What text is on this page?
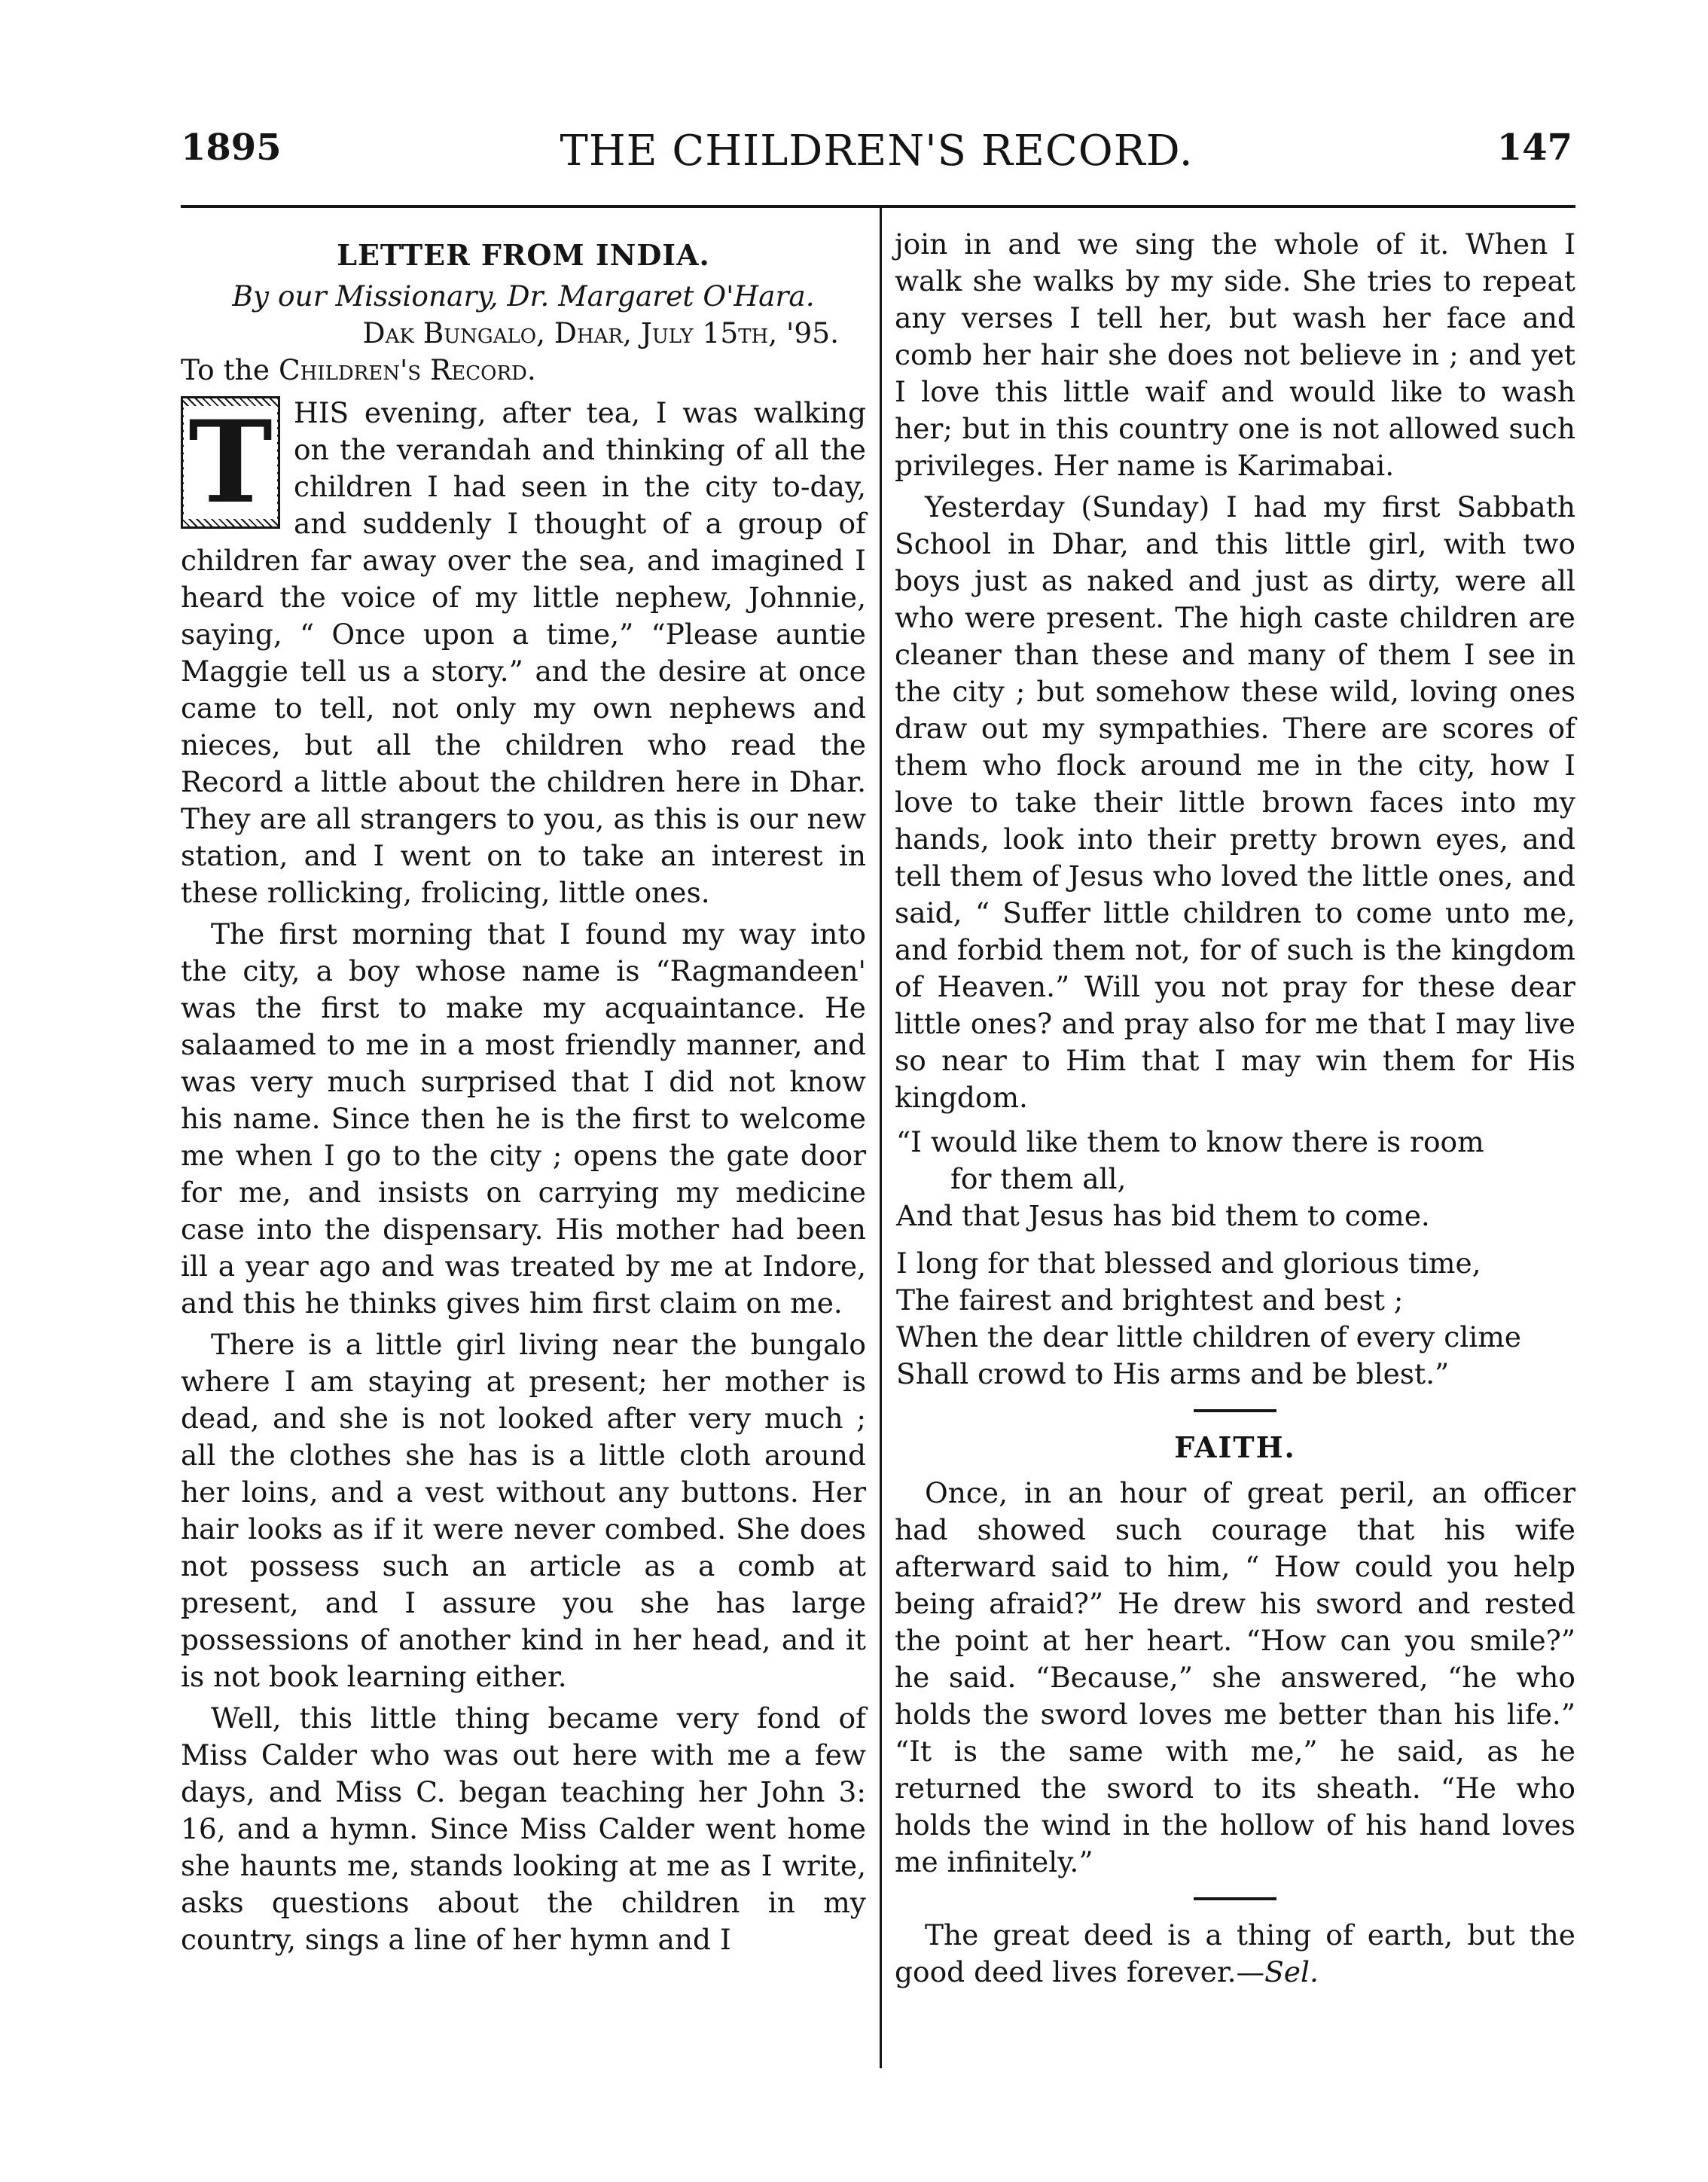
1895	THE CHILDREN'S RECORD.	147
LETTER FROM INDIA.
By our Missionary, Dr. Margaret O'Hara.
Dak Bungalo, Dhar, July 15th, '95.
To the Children's Record.
T HIS evening, after tea, I was walking on the verandah and thinking of all the children I had seen in the city to-day, and suddenly I thought of a group of children far away over the sea, and imagined I heard the voice of my little nephew, Johnnie, saying, “ Once upon a time,” “Please auntie Maggie tell us a story.” and the desire at once came to tell, not only my own nephews and nieces, but all the children who read the Record a little about the children here in Dhar. They are all strangers to you, as this is our new station, and I went on to take an interest in these rollicking, frolicing, little ones.

The first morning that I found my way into the city, a boy whose name is “Ragmandeen' was the first to make my acquaintance. He salaamed to me in a most friendly manner, and was very much surprised that I did not know his name. Since then he is the first to welcome me when I go to the city ; opens the gate door for me, and insists on carrying my medicine case into the dispensary. His mother had been ill a year ago and was treated by me at Indore, and this he thinks gives him first claim on me.

There is a little girl living near the bungalo where I am staying at present; her mother is dead, and she is not looked after very much ; all the clothes she has is a little cloth around her loins, and a vest without any buttons. Her hair looks as if it were never combed. She does not possess such an article as a comb at present, and I assure you she has large possessions of another kind in her head, and it is not book learning either.

Well, this little thing became very fond of Miss Calder who was out here with me a few days, and Miss C. began teaching her John 3: 16, and a hymn. Since Miss Calder went home she haunts me, stands looking at me as I write, asks questions about the children in my country, sings a line of her hymn and I

join in and we sing the whole of it. When I walk she walks by my side. She tries to repeat any verses I tell her, but wash her face and comb her hair she does not believe in ; and yet I love this little waif and would like to wash her; but in this country one is not allowed such privileges. Her name is Karimabai.

Yesterday (Sunday) I had my first Sabbath School in Dhar, and this little girl, with two boys just as naked and just as dirty, were all who were present. The high caste children are cleaner than these and many of them I see in the city ; but somehow these wild, loving ones draw out my sympathies. There are scores of them who flock around me in the city, how I love to take their little brown faces into my hands, look into their pretty brown eyes, and tell them of Jesus who loved the little ones, and said, “ Suffer little children to come unto me, and forbid them not, for of such is the kingdom of Heaven.” Will you not pray for these dear little ones? and pray also for me that I may live so near to Him that I may win them for His kingdom.

“I would like them to know there is room
for them all,
And that Jesus has bid them to come.
I long for that blessed and glorious time,
The fairest and brightest and best ;
When the dear little children of every clime
Shall crowd to His arms and be blest.”
FAITH.

Once, in an hour of great peril, an officer had showed such courage that his wife afterward said to him, “ How could you help being afraid?” He drew his sword and rested the point at her heart. “How can you smile?” he said. “Because,” she answered, “he who holds the sword loves me better than his life.” “It is the same with me,” he said, as he returned the sword to its sheath. “He who holds the wind in the hollow of his hand loves me infinitely.”

The great deed is a thing of earth, but the good deed lives forever.—Sel.
